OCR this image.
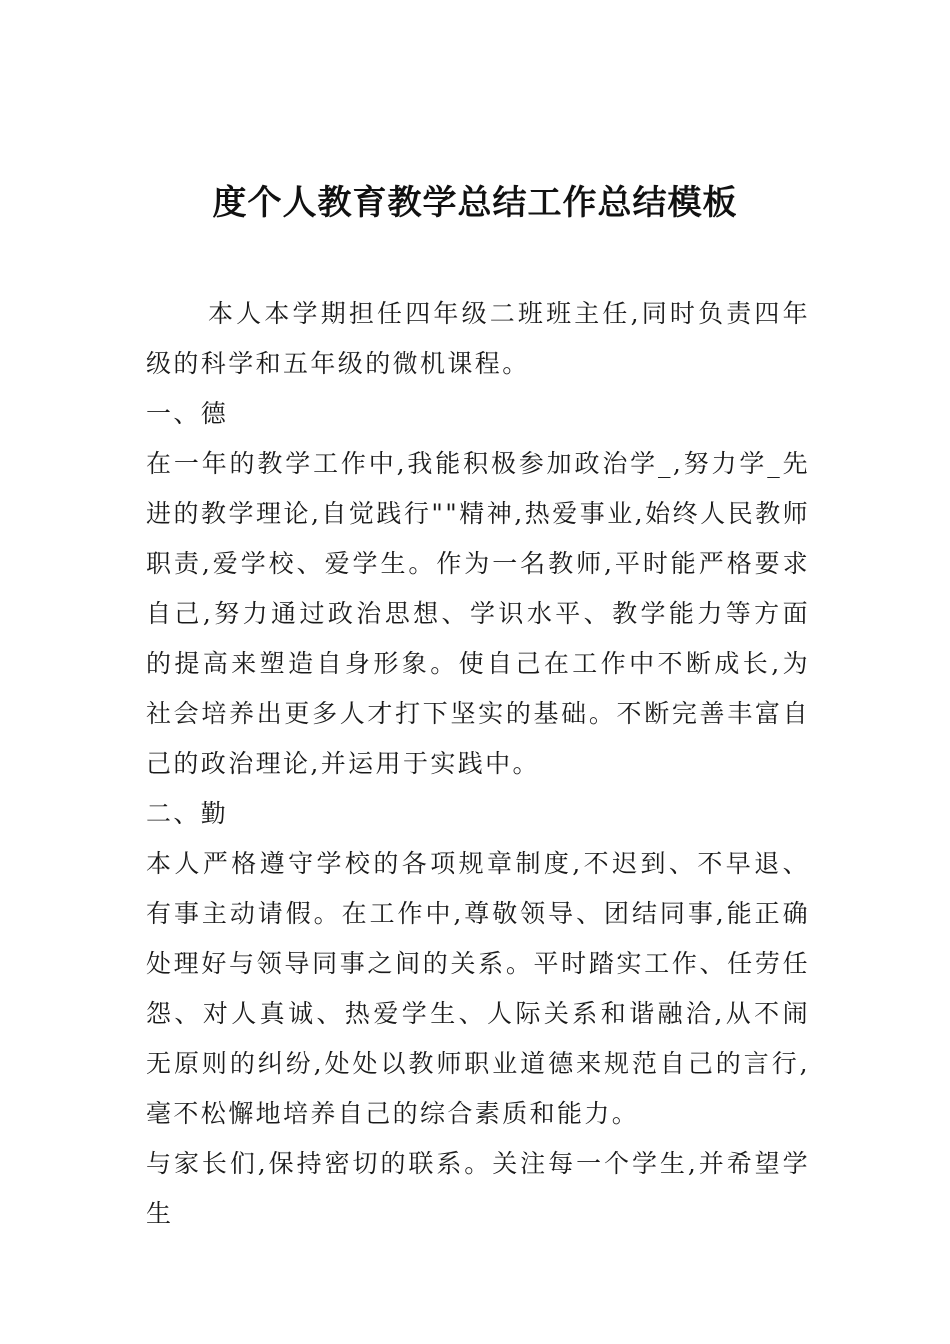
度个人教育教学总结工作总结模板

本人本学期担任四年级二班班主任,同时负责四年级的科学和五年级的微机课程。

一、德

在一年的教学工作中,我能积极参加政治学_,努力学_先进的教学理论,自觉践行""精神,热爱事业,始终人民教师职责,爱学校、爱学生。作为一名教师,平时能严格要求自己,努力通过政治思想、学识水平、教学能力等方面的提高来塑造自身形象。使自己在工作中不断成长,为社会培养出更多人才打下坚实的基础。不断完善丰富自己的政治理论,并运用于实践中。

二、勤

本人严格遵守学校的各项规章制度,不迟到、不早退、有事主动请假。在工作中,尊敬领导、团结同事,能正确处理好与领导同事之间的关系。平时踏实工作、任劳任怨、对人真诚、热爱学生、人际关系和谐融洽,从不闹无原则的纠纷,处处以教师职业道德来规范自己的言行,毫不松懈地培养自己的综合素质和能力。

与家长们,保持密切的联系。关注每一个学生,并希望学生
